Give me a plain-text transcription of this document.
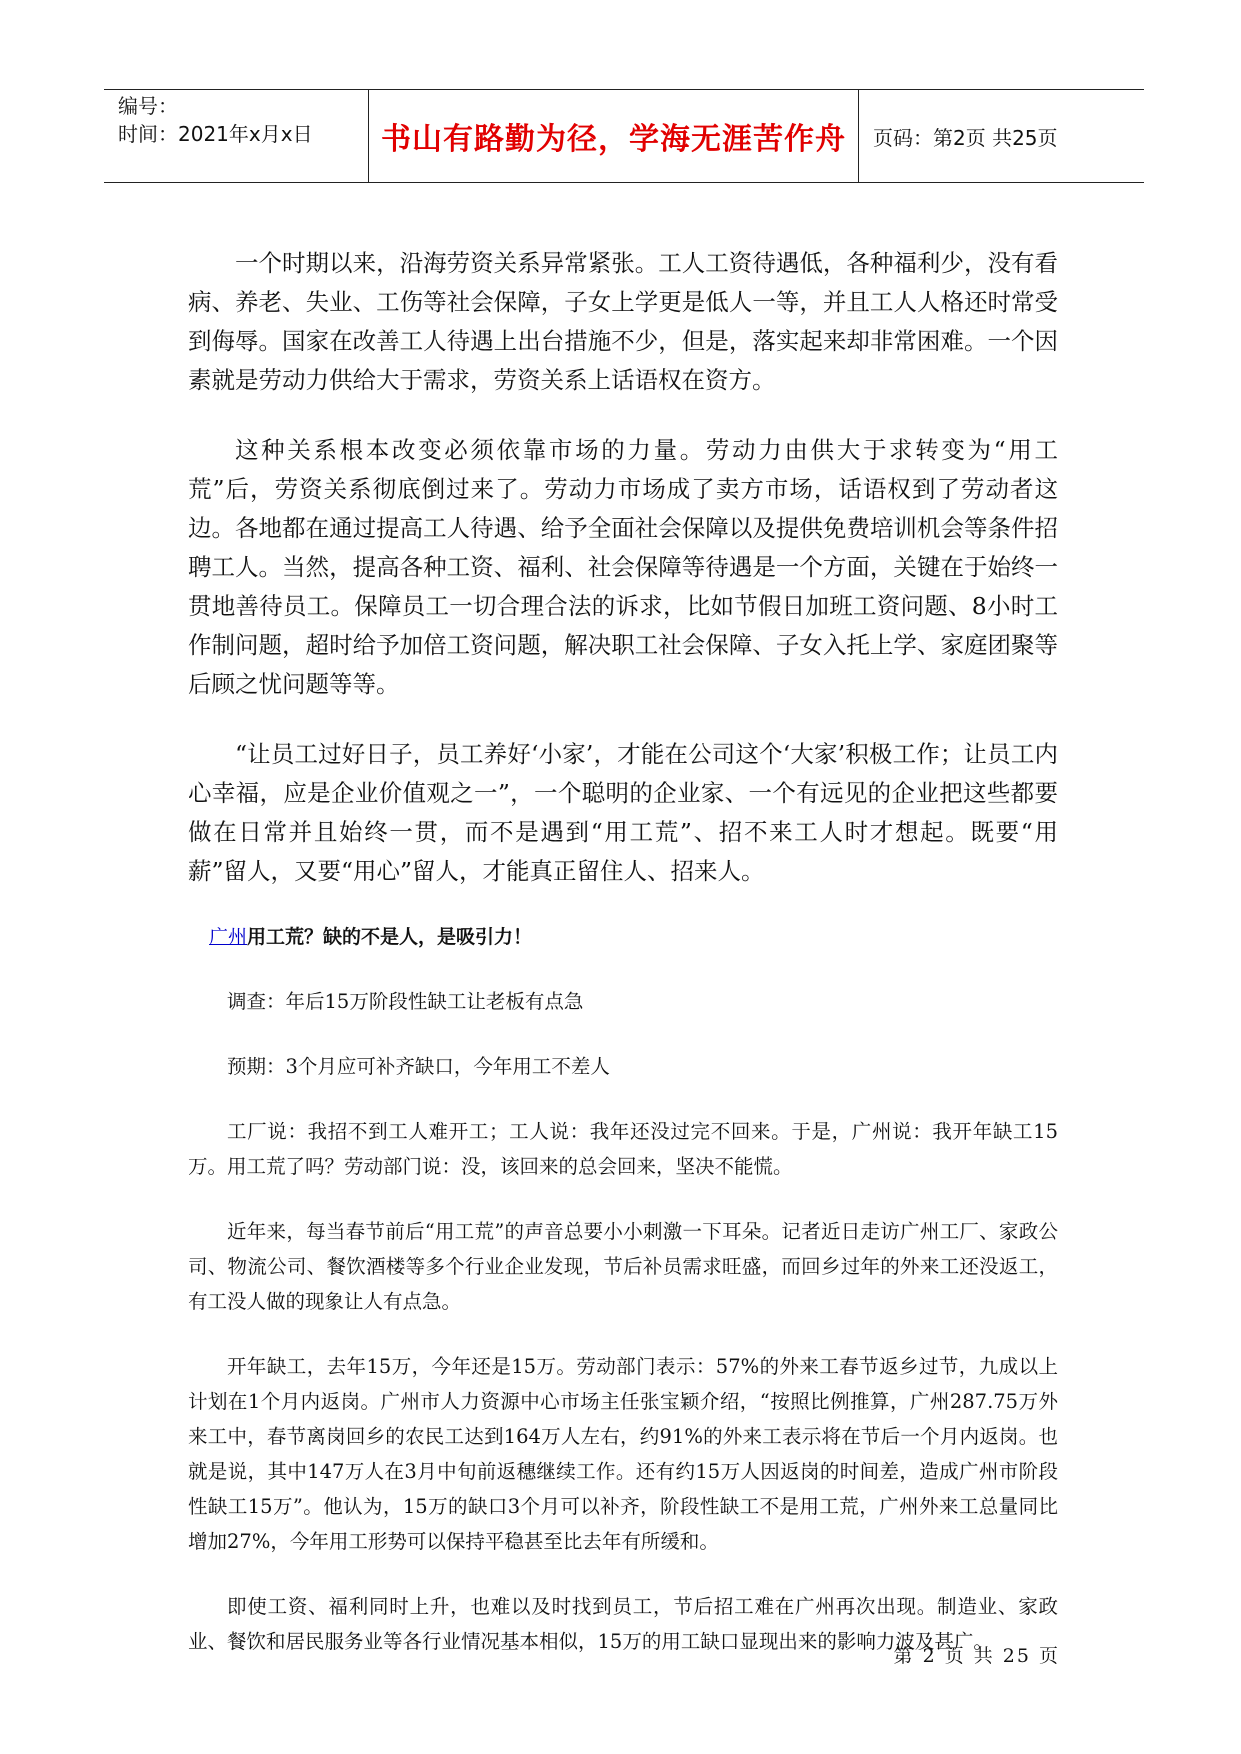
编号：
时间：2021年x月x日	书山有路勤为径，学海无涯苦作舟	页码：第2页 共25页

一个时期以来，沿海劳资关系异常紧张。工人工资待遇低，各种福利少，没有看病、养老、失业、工伤等社会保障，子女上学更是低人一等，并且工人人格还时常受到侮辱。国家在改善工人待遇上出台措施不少，但是，落实起来却非常困难。一个因素就是劳动力供给大于需求，劳资关系上话语权在资方。

这种关系根本改变必须依靠市场的力量。劳动力由供大于求转变为“用工荒”后，劳资关系彻底倒过来了。劳动力市场成了卖方市场，话语权到了劳动者这边。各地都在通过提高工人待遇、给予全面社会保障以及提供免费培训机会等条件招聘工人。当然，提高各种工资、福利、社会保障等待遇是一个方面，关键在于始终一贯地善待员工。保障员工一切合理合法的诉求，比如节假日加班工资问题、8小时工作制问题，超时给予加倍工资问题，解决职工社会保障、子女入托上学、家庭团聚等后顾之忧问题等等。

“让员工过好日子，员工养好‘小家’，才能在公司这个‘大家’积极工作；让员工内心幸福，应是企业价值观之一”，一个聪明的企业家、一个有远见的企业把这些都要做在日常并且始终一贯，而不是遇到“用工荒”、招不来工人时才想起。既要“用薪”留人，又要“用心”留人，才能真正留住人、招来人。

广州用工荒？缺的不是人，是吸引力！

调查：年后15万阶段性缺工让老板有点急

预期：3个月应可补齐缺口，今年用工不差人

工厂说：我招不到工人难开工；工人说：我年还没过完不回来。于是，广州说：我开年缺工15万。用工荒了吗？劳动部门说：没，该回来的总会回来，坚决不能慌。

近年来，每当春节前后“用工荒”的声音总要小小刺激一下耳朵。记者近日走访广州工厂、家政公司、物流公司、餐饮酒楼等多个行业企业发现，节后补员需求旺盛，而回乡过年的外来工还没返工，有工没人做的现象让人有点急。

开年缺工，去年15万，今年还是15万。劳动部门表示：57%的外来工春节返乡过节，九成以上计划在1个月内返岗。广州市人力资源中心市场主任张宝颖介绍，“按照比例推算，广州287.75万外来工中，春节离岗回乡的农民工达到164万人左右，约91%的外来工表示将在节后一个月内返岗。也就是说，其中147万人在3月中旬前返穗继续工作。还有约15万人因返岗的时间差，造成广州市阶段性缺工15万”。他认为，15万的缺口3个月可以补齐，阶段性缺工不是用工荒，广州外来工总量同比增加27%，今年用工形势可以保持平稳甚至比去年有所缓和。

即使工资、福利同时上升，也难以及时找到员工，节后招工难在广州再次出现。制造业、家政业、餐饮和居民服务业等各行业情况基本相似，15万的用工缺口显现出来的影响力波及甚广。

第 2 页 共 25 页
